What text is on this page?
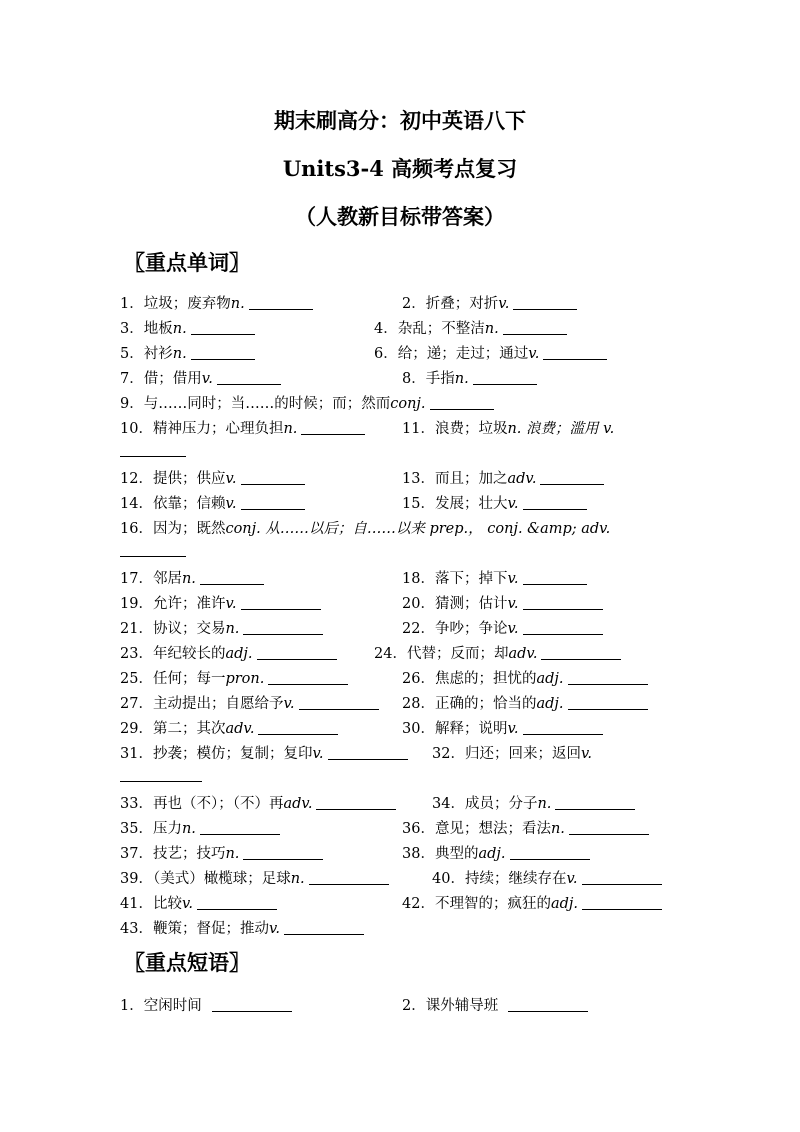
期末刷高分：初中英语八下
Units3-4 高频考点复习
（人教新目标带答案）
〖重点单词〗
1．垃圾；废弃物n.	2．折叠；对折v.
3．地板n.	4．杂乱；不整洁n.
5．衬衫n.	6．给；递；走过；通过v.
7．借；借用v.	8．手指n.
9．与……同时；当……的时候；而；然而conj.
10．精神压力；心理负担n.	11．浪费；垃圾n. 浪费；滥用 v.
12．提供；供应v.	13．而且；加之adv.
14．依靠；信赖v.	15．发展；壮大v.
16．因为；既然conj. 从……以后；自……以来 prep.， conj. &amp; adv.
17．邻居n.	18．落下；掉下v.
19．允许；准许v.	20．猜测；估计v.
21．协议；交易n.	22．争吵；争论v.
23．年纪较长的adj.	24．代替；反而；却adv.
25．任何；每一pron.	26．焦虑的；担忧的adj.
27．主动提出；自愿给予v.	28．正确的；恰当的adj.
29．第二；其次adv.	30．解释；说明v.
31．抄袭；模仿；复制；复印v.	32．归还；回来；返回v.
33．再也（不）；（不）再adv.	34．成员；分子n.
35．压力n.	36．意见；想法；看法n.
37．技艺；技巧n.	38．典型的adj.
39．（美式）橄榄球；足球n.	40．持续；继续存在v.
41．比较v.	42．不理智的；疯狂的adj.
43．鞭策；督促；推动v.
〖重点短语〗
1．空闲时间	2．课外辅导班
